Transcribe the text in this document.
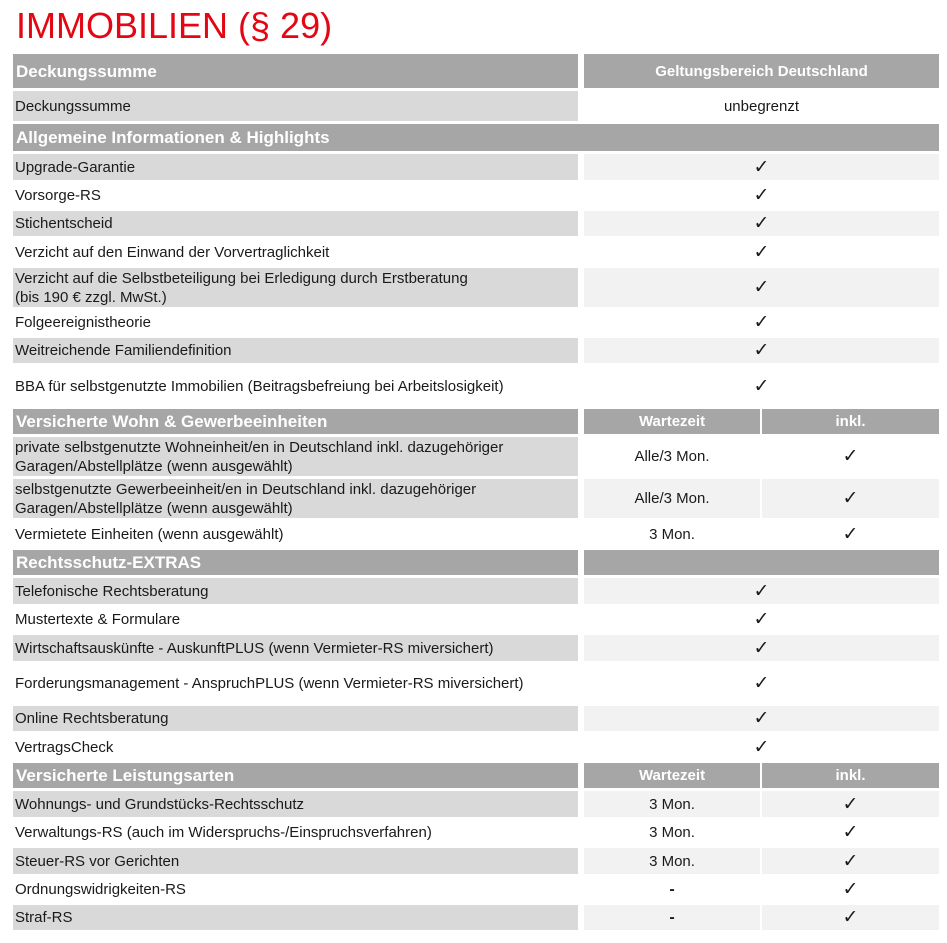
IMMOBILIEN (§ 29)
Deckungssumme	Geltungsbereich Deutschland
Deckungssumme	unbegrenzt
Allgemeine Informationen & Highlights
Upgrade-Garantie	✓
Vorsorge-RS	✓
Stichentscheid	✓
Verzicht auf den Einwand der Vorvertraglichkeit	✓
Verzicht auf die Selbstbeteiligung bei Erledigung durch Erstberatung
(bis 190 € zzgl. MwSt.)	✓
Folgeereignistheorie	✓
Weitreichende Familiendefinition	✓
BBA für selbstgenutzte Immobilien (Beitragsbefreiung bei Arbeitslosigkeit)	✓
Versicherte Wohn & Gewerbeeinheiten	Wartezeit	inkl.
private selbstgenutzte Wohneinheit/en in Deutschland inkl. dazugehöriger
Garagen/Abstellplätze (wenn ausgewählt)
Alle/3 Mon.	✓
selbstgenutzte Gewerbeeinheit/en in Deutschland inkl. dazugehöriger
Garagen/Abstellplätze (wenn ausgewählt)
Alle/3 Mon.	✓
Vermietete Einheiten (wenn ausgewählt)	3 Mon.	✓
Rechtsschutz-EXTRAS
Telefonische Rechtsberatung	✓
Mustertexte & Formulare	✓
Wirtschaftsauskünfte - AuskunftPLUS (wenn Vermieter-RS miversichert)	✓
Forderungsmanagement - AnspruchPLUS (wenn Vermieter-RS miversichert)	✓
Online Rechtsberatung	✓
VertragsCheck	✓
Versicherte Leistungsarten	Wartezeit	inkl.
Wohnungs- und Grundstücks-Rechtsschutz	3 Mon.	✓
Verwaltungs-RS (auch im Widerspruchs-/Einspruchsverfahren)	3 Mon.	✓
Steuer-RS vor Gerichten	3 Mon.	✓
Ordnungswidrigkeiten-RS	-	✓
Straf-RS	-	✓
